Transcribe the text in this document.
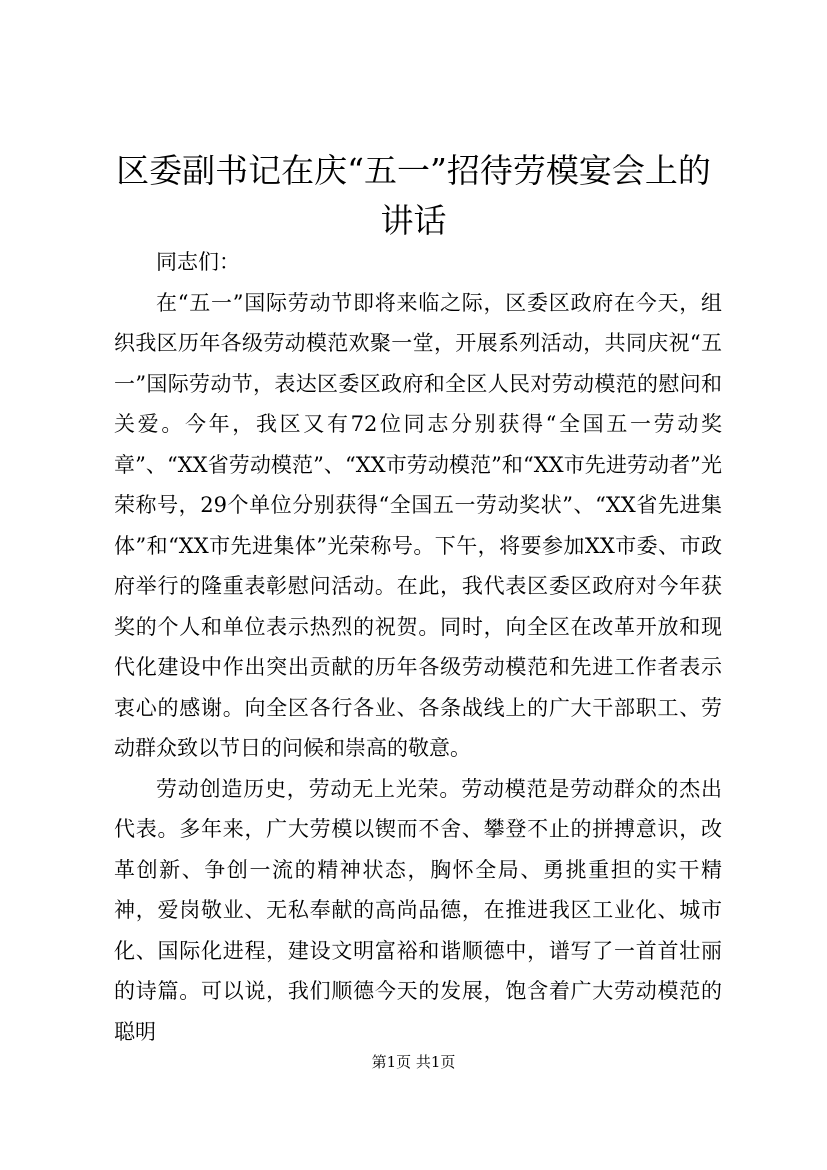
区委副书记在庆“五一”招待劳模宴会上的讲话

同志们：

在“五一”国际劳动节即将来临之际，区委区政府在今天，组织我区历年各级劳动模范欢聚一堂，开展系列活动，共同庆祝“五一”国际劳动节，表达区委区政府和全区人民对劳动模范的慰问和关爱。今年，我区又有72位同志分别获得“全国五一劳动奖章”、“XX省劳动模范”、“XX市劳动模范”和“XX市先进劳动者”光荣称号，29个单位分别获得“全国五一劳动奖状”、“XX省先进集体”和“XX市先进集体”光荣称号。下午，将要参加XX市委、市政府举行的隆重表彰慰问活动。在此，我代表区委区政府对今年获奖的个人和单位表示热烈的祝贺。同时，向全区在改革开放和现代化建设中作出突出贡献的历年各级劳动模范和先进工作者表示衷心的感谢。向全区各行各业、各条战线上的广大干部职工、劳动群众致以节日的问候和崇高的敬意。

劳动创造历史，劳动无上光荣。劳动模范是劳动群众的杰出代表。多年来，广大劳模以锲而不舍、攀登不止的拼搏意识，改革创新、争创一流的精神状态，胸怀全局、勇挑重担的实干精神，爱岗敬业、无私奉献的高尚品德，在推进我区工业化、城市化、国际化进程，建设文明富裕和谐顺德中，谱写了一首首壮丽的诗篇。可以说，我们顺德今天的发展，饱含着广大劳动模范的聪明

第1页 共1页
